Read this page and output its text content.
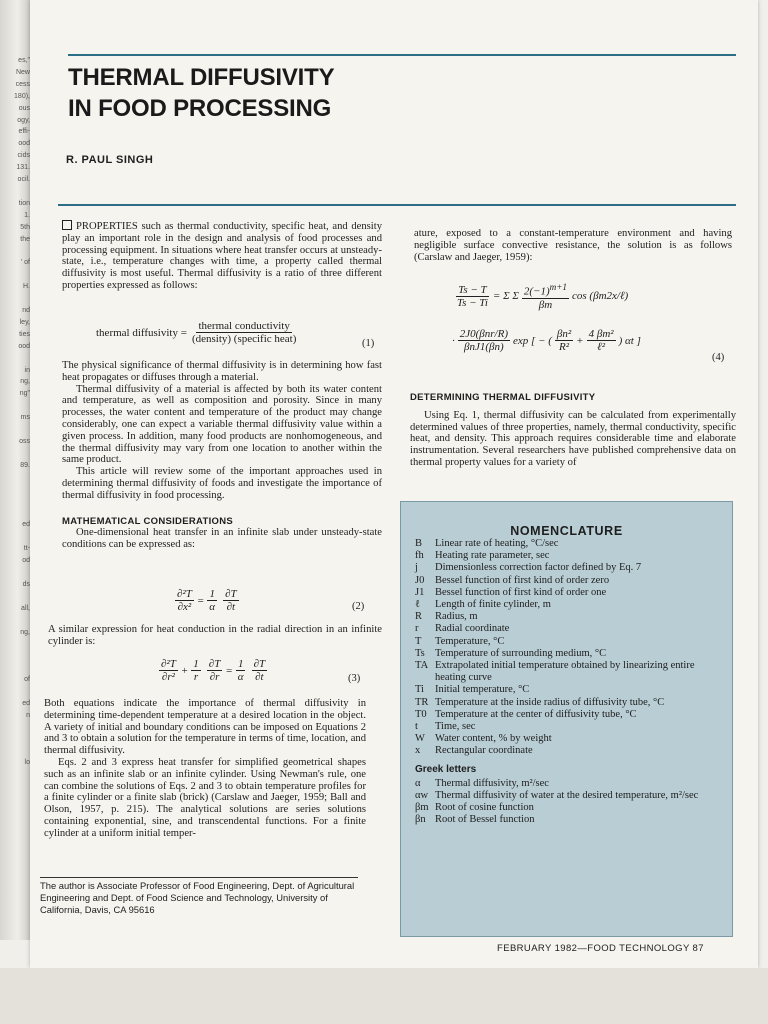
es,"
New
cess
180),
ous
ogy,
effi-
ood
cids
131.
ocil.

tion
1.
5th
the

' of

H.

nd
ley,
ties
ood

in
ng,
ng"

ms

oss

89.

ed

tt-
od

ds

all,

ng,

of

ed
n

lo
THERMAL DIFFUSIVITY
IN FOOD PROCESSING
R. PAUL SINGH

PROPERTIES such as thermal conductivity, specific heat, and density play an important role in the design and analysis of food processes and processing equipment. In situations where heat transfer occurs at unsteady-state, i.e., temperature changes with time, a property called thermal diffusivity is most useful. Thermal diffusivity is a ratio of three different properties expressed as follows:

thermal diffusivity = $\frac{\text{thermal conductivity}}{\text{(density) (specific heat)}}$	(1)

The physical significance of thermal diffusivity is in determining how fast heat propagates or diffuses through a material.

Thermal diffusivity of a material is affected by both its water content and temperature, as well as composition and porosity. Since in many processes, the water content and temperature of the product may change considerably, one can expect a variable thermal diffusivity value within a given process. In addition, many food products are nonhomogeneous, and the thermal diffusivity may vary from one location to another within the same product.

This article will review some of the important approaches used in determining thermal diffusivity of foods and investigate the importance of thermal diffusivity in food processing.

MATHEMATICAL CONSIDERATIONS

One-dimensional heat transfer in an infinite slab under unsteady-state conditions can be expressed as:

$\frac{\text{∂²T}}{\text{∂x²}} = \frac{1}{\alpha} \frac{\partial T}{\partial t}$	(2)

A similar expression for heat conduction in the radial direction in an infinite cylinder is:

$\frac{\text{∂²T}}{\text{∂r²}} + \frac{1}{r} \frac{\partial T}{\partial r} = \frac{1}{\alpha} \frac{\partial T}{\partial t}$	(3)

Both equations indicate the importance of thermal diffusivity in determining time-dependent temperature at a desired location in the object. A variety of initial and boundary conditions can be imposed on Equations 2 and 3 to obtain a solution for the temperature in terms of time, location, and thermal diffusivity.

Eqs. 2 and 3 express heat transfer for simplified geometrical shapes such as an infinite slab or an infinite cylinder. Using Newman's rule, one can combine the solutions of Eqs. 2 and 3 to obtain temperature profiles for a finite cylinder or a finite slab (brick) (Carslaw and Jaeger, 1959; Ball and Olson, 1957, p. 215). The analytical solutions are series solutions containing exponential, sine, and transcendental functions. For a finite cylinder at a uniform initial temper-

The author is Associate Professor of Food Engineering, Dept. of Agricultural Engineering and Dept. of Food Science and Technology, University of California, Davis, CA 95616

ature, exposed to a constant-temperature environment and having negligible surface convective resistance, the solution is as follows (Carslaw and Jaeger, 1959):

$\frac{Ts - T}{Ts - Ti} = \Sigma$ Σ $\frac{2(-1)^{m+1}}{\beta m}$ cos (βm2x/ℓ)
· $\frac{\text{2J0(βnr/R)}}{\text{βnJ1(βn)}}$ exp [ − ( $\frac{\text{βn²}}{\text{R²}} + \frac{\text{4 βm²}}{\text{ℓ²}}$ ) αt ]
(4)

DETERMINING THERMAL DIFFUSIVITY

Using Eq. 1, thermal diffusivity can be calculated from experimentally determined values of three properties, namely, thermal conductivity, specific heat, and density. This approach requires considerable time and elaborate instrumentation. Several researchers have published comprehensive data on thermal property values for a variety of

NOMENCLATURE
B	Linear rate of heating, °C/sec
fh	Heating rate parameter, sec
j	Dimensionless correction factor defined by Eq. 7
J0	Bessel function of first kind of order zero
J1	Bessel function of first kind of order one
ℓ	Length of finite cylinder, m
R	Radius, m
r	Radial coordinate
T	Temperature, °C
Ts Temperature of surrounding medium, °C
TA Extrapolated initial temperature obtained by linearizing entire heating curve
Ti	Initial temperature, °C
TR Temperature at the inside radius of diffusivity tube, °C
T0 Temperature at the center of diffusivity tube, °C
t	Time, sec
W Water content, % by weight
x	Rectangular coordinate
Greek letters
α	Thermal diffusivity, m²/sec
αw Thermal diffusivity of water at the desired temperature, m²/sec
βm Root of cosine function
βn Root of Bessel function
FEBRUARY 1982—FOOD TECHNOLOGY 87
